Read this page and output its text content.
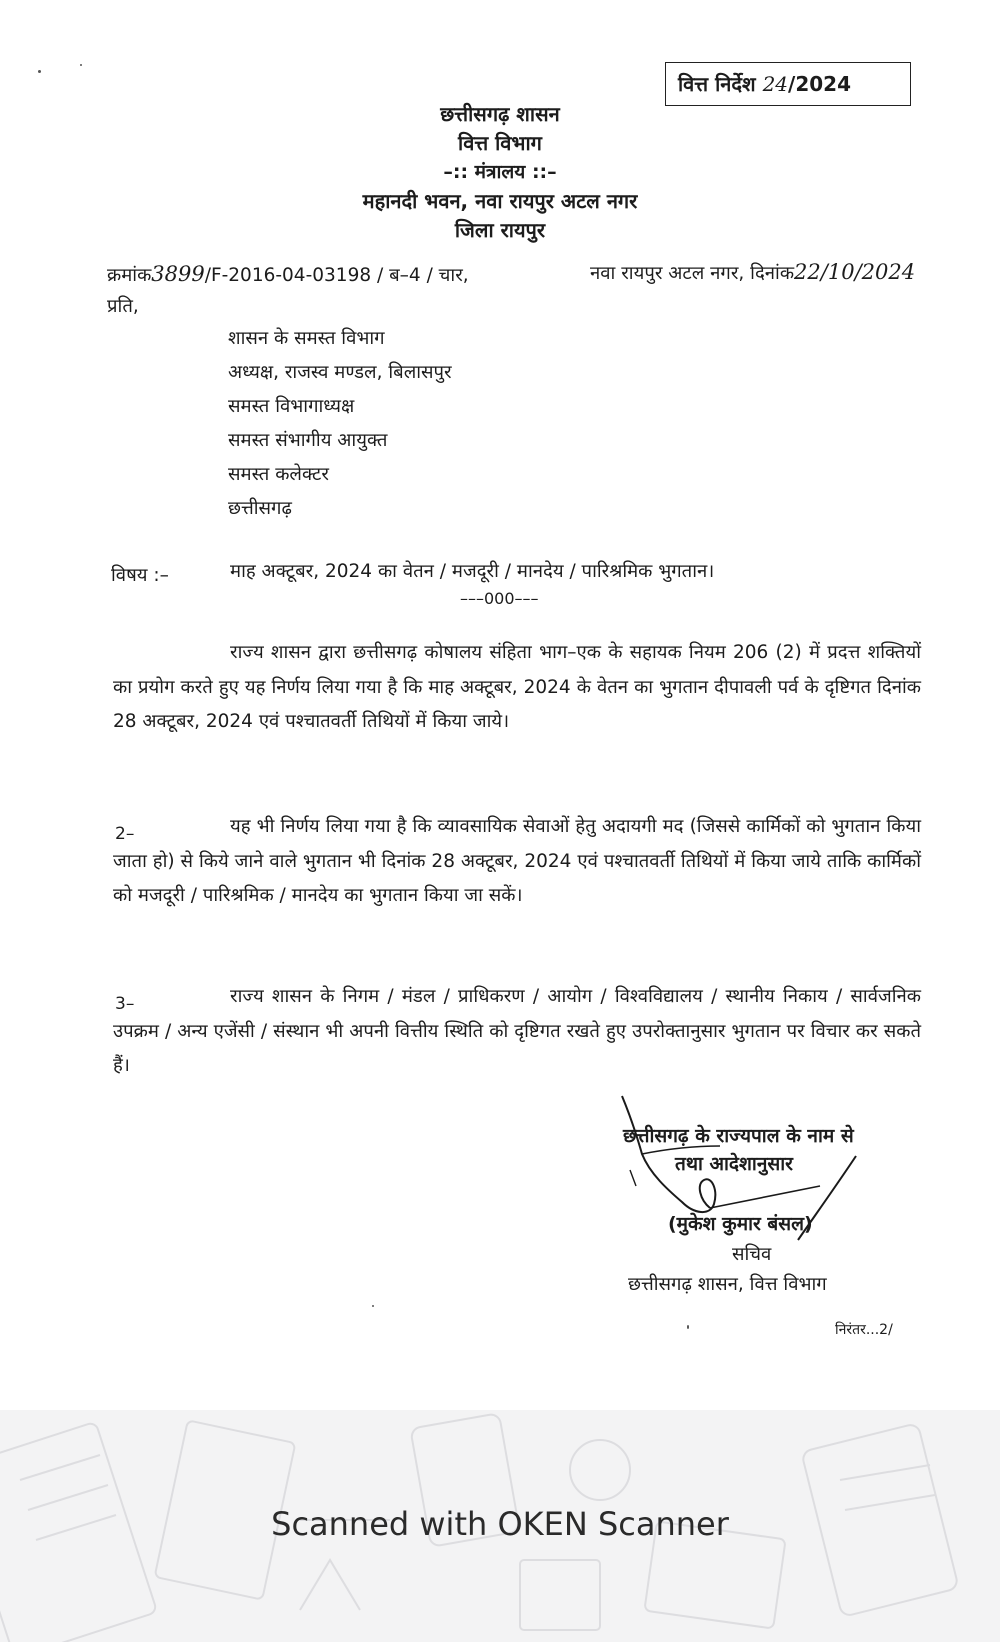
वित्त निर्देश 24/2024
छत्तीसगढ़ शासन
वित्त विभाग
–:: मंत्रालय ::–
महानदी भवन, नवा रायपुर अटल नगर
जिला रायपुर
क्रमांक3899/F-2016-04-03198 / ब–4 / चार,	नवा रायपुर अटल नगर, दिनांक22/10/2024
प्रति,
शासन के समस्त विभाग
अध्यक्ष, राजस्व मण्डल, बिलासपुर
समस्त विभागाध्यक्ष
समस्त संभागीय आयुक्त
समस्त कलेक्टर
छत्तीसगढ़
विषय :–	माह अक्टूबर, 2024 का वेतन / मजदूरी / मानदेय / पारिश्रमिक भुगतान।
–––000–––
राज्य शासन द्वारा छत्तीसगढ़ कोषालय संहिता भाग–एक के सहायक नियम 206 (2) में प्रदत्त शक्तियों का प्रयोग करते हुए यह निर्णय लिया गया है कि माह अक्टूबर, 2024 के वेतन का भुगतान दीपावली पर्व के दृष्टिगत दिनांक 28 अक्टूबर, 2024 एवं पश्चातवर्ती तिथियों में किया जाये।
2–	यह भी निर्णय लिया गया है कि व्यावसायिक सेवाओं हेतु अदायगी मद (जिससे कार्मिकों को भुगतान किया जाता हो) से किये जाने वाले भुगतान भी दिनांक 28 अक्टूबर, 2024 एवं पश्चातवर्ती तिथियों में किया जाये ताकि कार्मिकों को मजदूरी / पारिश्रमिक / मानदेय का भुगतान किया जा सकें।
3–	राज्य शासन के निगम / मंडल / प्राधिकरण / आयोग / विश्वविद्यालय / स्थानीय निकाय / सार्वजनिक उपक्रम / अन्य एजेंसी / संस्थान भी अपनी वित्तीय स्थिति को दृष्टिगत रखते हुए उपरोक्तानुसार भुगतान पर विचार कर सकते हैं।
छत्तीसगढ़ के राज्यपाल के नाम से
तथा आदेशानुसार
(मुकेश कुमार बंसल)
सचिव
छत्तीसगढ़ शासन, वित्त विभाग
निरंतर...2/
Scanned with OKEN Scanner
